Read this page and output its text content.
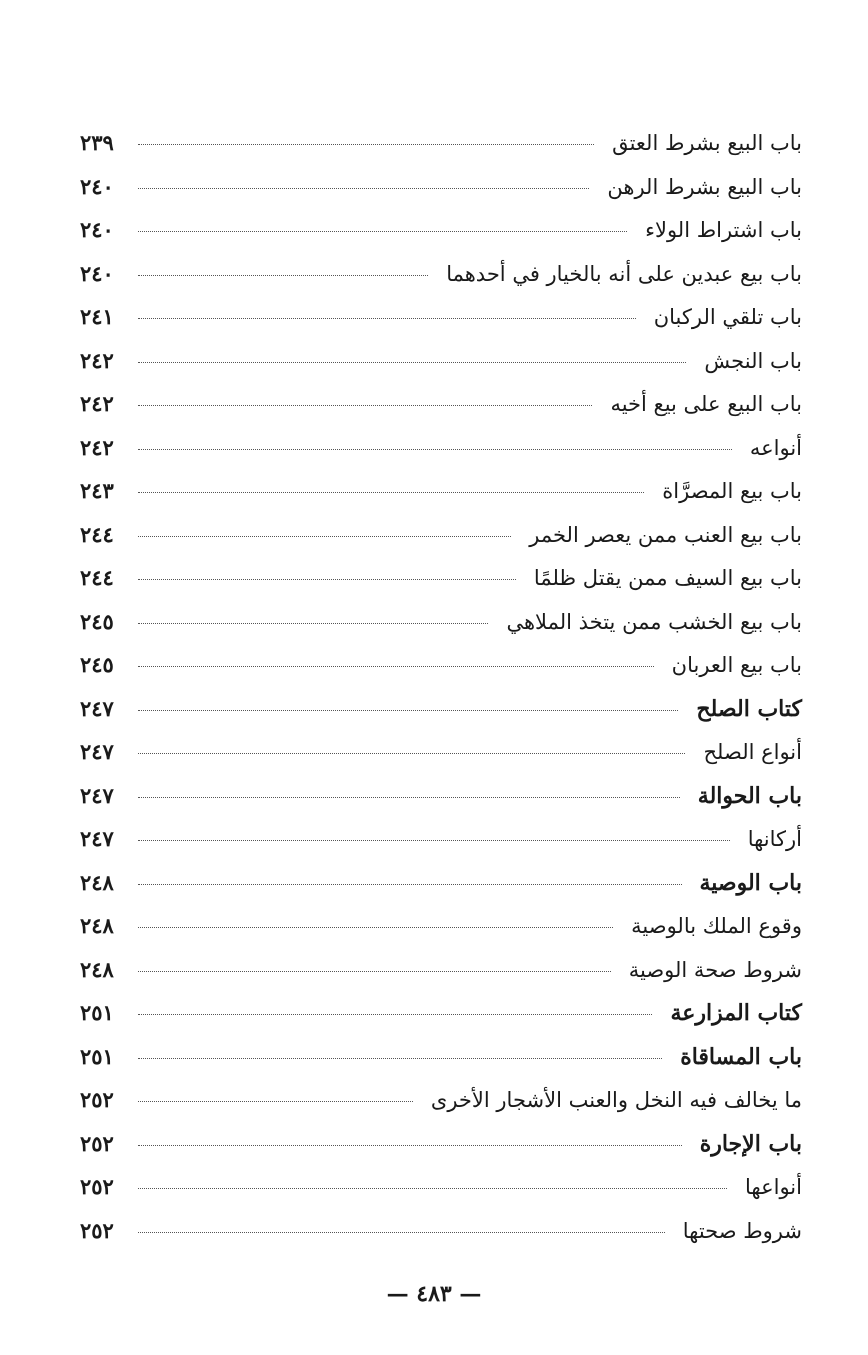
باب البيع بشرط العتق
٢٣٩
باب البيع بشرط الرهن
٢٤٠
باب اشتراط الولاء
٢٤٠
باب بيع عبدين على أنه بالخيار في أحدهما
٢٤٠
باب تلقي الركبان
٢٤١
باب النجش
٢٤٢
باب البيع على بيع أخيه
٢٤٢
أنواعه
٢٤٢
باب بيع المصرَّاة
٢٤٣
باب بيع العنب ممن يعصر الخمر
٢٤٤
باب بيع السيف ممن يقتل ظلمًا
٢٤٤
باب بيع الخشب ممن يتخذ الملاهي
٢٤٥
باب بيع العربان
٢٤٥
كتاب الصلح
٢٤٧
أنواع الصلح
٢٤٧
باب الحوالة
٢٤٧
أركانها
٢٤٧
باب الوصية
٢٤٨
وقوع الملك بالوصية
٢٤٨
شروط صحة الوصية
٢٤٨
كتاب المزارعة
٢٥١
باب المساقاة
٢٥١
ما يخالف فيه النخل والعنب الأشجار الأخرى
٢٥٢
باب الإجارة
٢٥٢
أنواعها
٢٥٢
شروط صحتها
٢٥٢
— ٤٨٣ —
